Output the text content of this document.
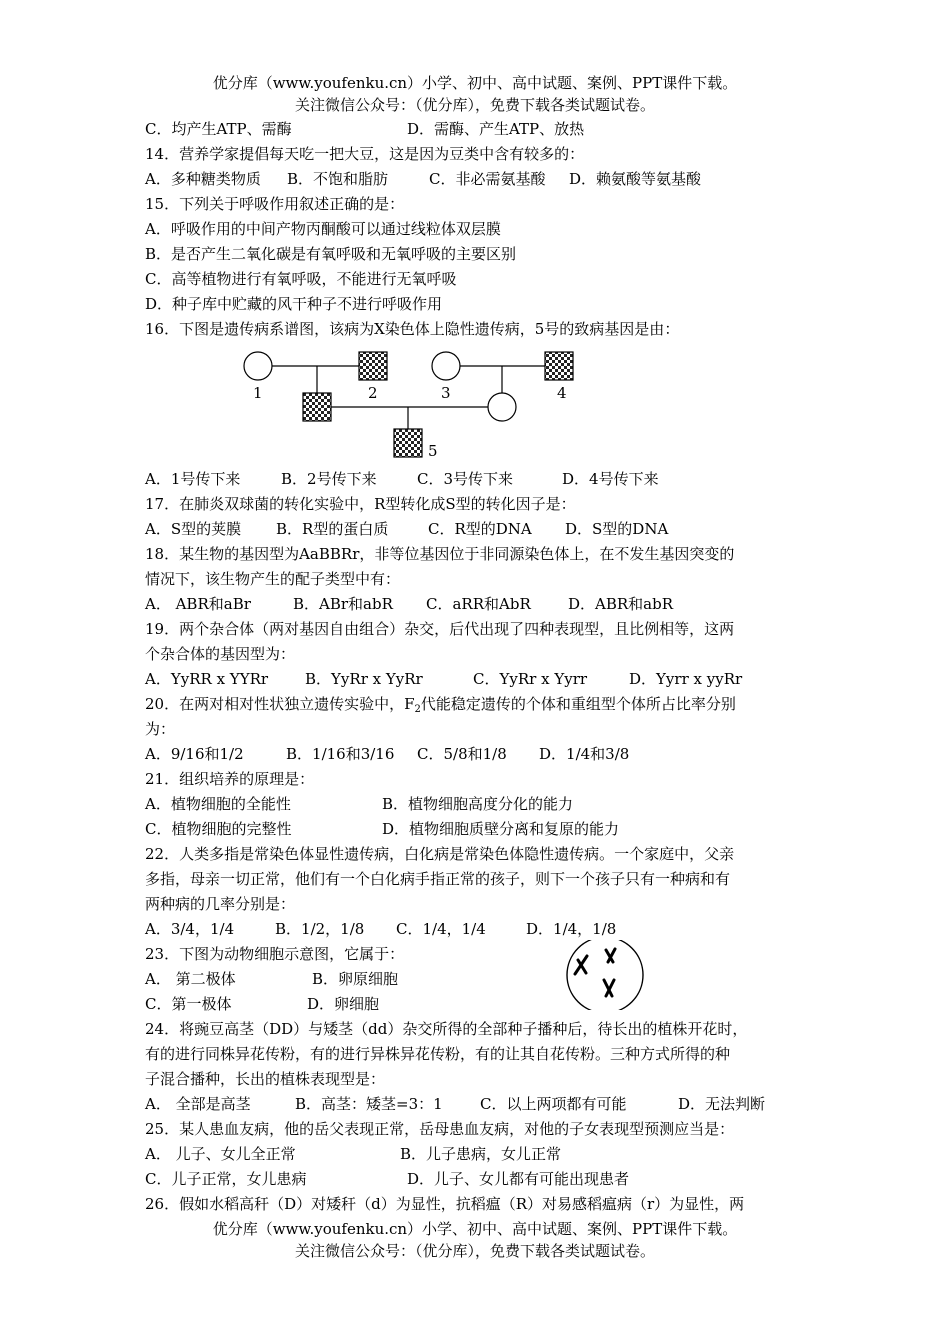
优分库（www.youfenku.cn）小学、初中、高中试题、案例、PPT课件下载。
关注微信公众号：（优分库），免费下载各类试题试卷。
C．均产生ATP、需酶	D．需酶、产生ATP、放热
14．营养学家提倡每天吃一把大豆，这是因为豆类中含有较多的：
A．多种糖类物质	B．不饱和脂肪	C．非必需氨基酸	D．赖氨酸等氨基酸
15．下列关于呼吸作用叙述正确的是：
A．呼吸作用的中间产物丙酮酸可以通过线粒体双层膜
B．是否产生二氧化碳是有氧呼吸和无氧呼吸的主要区别
C．高等植物进行有氧呼吸，不能进行无氧呼吸
D．种子库中贮藏的风干种子不进行呼吸作用
16．下图是遗传病系谱图，该病为X染色体上隐性遗传病，5号的致病基因是由：
A．1号传下来	B．2号传下来	C．3号传下来	D．4号传下来
17．在肺炎双球菌的转化实验中，R型转化成S型的转化因子是：
A．S型的荚膜	B．R型的蛋白质	C．R型的DNA	D．S型的DNA
18．某生物的基因型为AaBBRr，非等位基因位于非同源染色体上，在不发生基因突变的
情况下，该生物产生的配子类型中有：
A． ABR和aBr	B．ABr和abR	C．aRR和AbR	D．ABR和abR
19．两个杂合体（两对基因自由组合）杂交，后代出现了四种表现型，且比例相等，这两
个杂合体的基因型为：
A．YyRR x YYRr	B．YyRr x YyRr	C．YyRr x Yyrr	D．Yyrr x yyRr
20．在两对相对性状独立遗传实验中，$F_2$代能稳定遗传的个体和重组型个体所占比率分别
为：
A．9/16和1/2	B．1/16和3/16	C．5/8和1/8	D．1/4和3/8
21．组织培养的原理是：
A．植物细胞的全能性	B．植物细胞高度分化的能力
C．植物细胞的完整性	D．植物细胞质壁分离和复原的能力
22．人类多指是常染色体显性遗传病，白化病是常染色体隐性遗传病。一个家庭中，父亲
多指，母亲一切正常，他们有一个白化病手指正常的孩子，则下一个孩子只有一种病和有
两种病的几率分别是：
A．3/4，1/4	B．1/2，1/8	C．1/4，1/4	D．1/4，1/8
23．下图为动物细胞示意图，它属于：
A． 第二极体	B．卵原细胞
C．第一极体	D．卵细胞
24．将豌豆高茎（DD）与矮茎（dd）杂交所得的全部种子播种后，待长出的植株开花时，
有的进行同株异花传粉，有的进行异株异花传粉，有的让其自花传粉。三种方式所得的种
子混合播种，长出的植株表现型是：
A． 全部是高茎	B．高茎：矮茎=3：1	C．以上两项都有可能	D．无法判断
25．某人患血友病，他的岳父表现正常，岳母患血友病，对他的子女表现型预测应当是：
A． 儿子、女儿全正常	B．儿子患病，女儿正常
C．儿子正常，女儿患病	D．儿子、女儿都有可能出现患者
26．假如水稻高秆（D）对矮秆（d）为显性，抗稻瘟（R）对易感稻瘟病（r）为显性，两
1	2	3	4
5
优分库（www.youfenku.cn）小学、初中、高中试题、案例、PPT课件下载。
关注微信公众号：（优分库），免费下载各类试题试卷。
